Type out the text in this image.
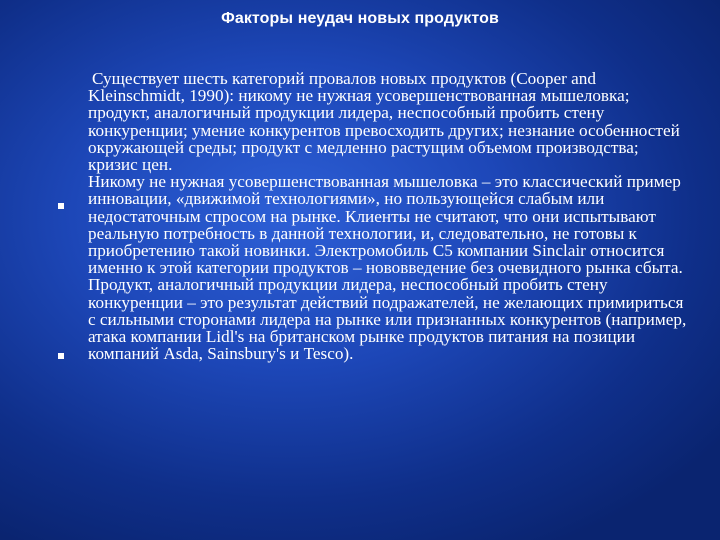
Факторы неудач новых продуктов

Существует шесть категорий провалов новых продуктов (Cooper and Kleinschmidt, 1990): никому не нужная усовершенствованная мышеловка; продукт, аналогичный продукции лидера, неспособный пробить стену конкуренции; умение конкурентов превосходить других; незнание особенностей окружающей среды; продукт с медленно растущим объемом производства; кризис цен.

Никому не нужная усовершенствованная мышеловка – это классический пример инновации, «движимой технологиями», но пользующейся слабым или недостаточным спросом на рынке. Клиенты не считают, что они испытывают реальную потребность в данной технологии, и, следовательно, не готовы к приобретению такой новинки. Электромобиль C5 компании Sinclair относится именно к этой категории продуктов – нововведение без очевидного рынка сбыта.

Продукт, аналогичный продукции лидера, неспособный пробить стену конкуренции – это результат действий подражателей, не желающих примириться с сильными сторонами лидера на рынке или признанных конкурентов (например, атака компании Lidl's на британском рынке продуктов питания на позиции компаний Asda, Sainsbury's и Tesco).
